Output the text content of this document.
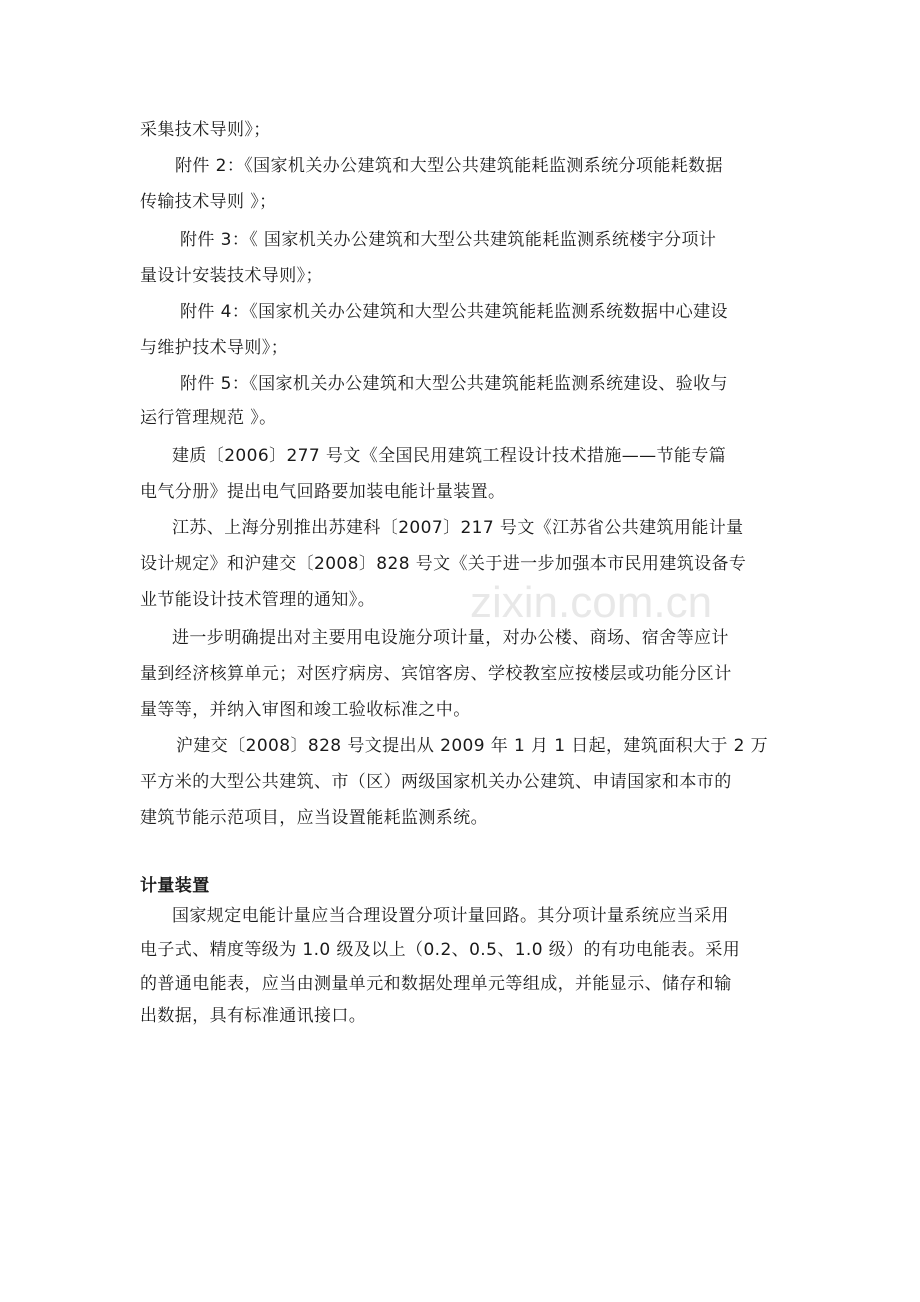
zixin.com.cn
采集技术导则》；
附件 2：《国家机关办公建筑和大型公共建筑能耗监测系统分项能耗数据
传输技术导则 》；
附件 3：《 国家机关办公建筑和大型公共建筑能耗监测系统楼宇分项计
量设计安装技术导则》；
附件 4：《国家机关办公建筑和大型公共建筑能耗监测系统数据中心建设
与维护技术导则》；
附件 5：《国家机关办公建筑和大型公共建筑能耗监测系统建设、验收与
运行管理规范 》。
建质〔2006〕277 号文《全国民用建筑工程设计技术措施——节能专篇
电气分册》提出电气回路要加装电能计量装置。
江苏、上海分别推出苏建科〔2007〕217 号文《江苏省公共建筑用能计量
设计规定》和沪建交〔2008〕828 号文《关于进一步加强本市民用建筑设备专
业节能设计技术管理的通知》。
进一步明确提出对主要用电设施分项计量，对办公楼、商场、宿舍等应计
量到经济核算单元；对医疗病房、宾馆客房、学校教室应按楼层或功能分区计
量等等，并纳入审图和竣工验收标准之中。
沪建交〔2008〕828 号文提出从 2009 年 1 月 1 日起，建筑面积大于 2 万
平方米的大型公共建筑、市（区）两级国家机关办公建筑、申请国家和本市的
建筑节能示范项目，应当设置能耗监测系统。
计量装置
国家规定电能计量应当合理设置分项计量回路。其分项计量系统应当采用
电子式、精度等级为 1.0 级及以上（0.2、0.5、1.0 级）的有功电能表。采用
的普通电能表，应当由测量单元和数据处理单元等组成，并能显示、储存和输
出数据，具有标准通讯接口。
